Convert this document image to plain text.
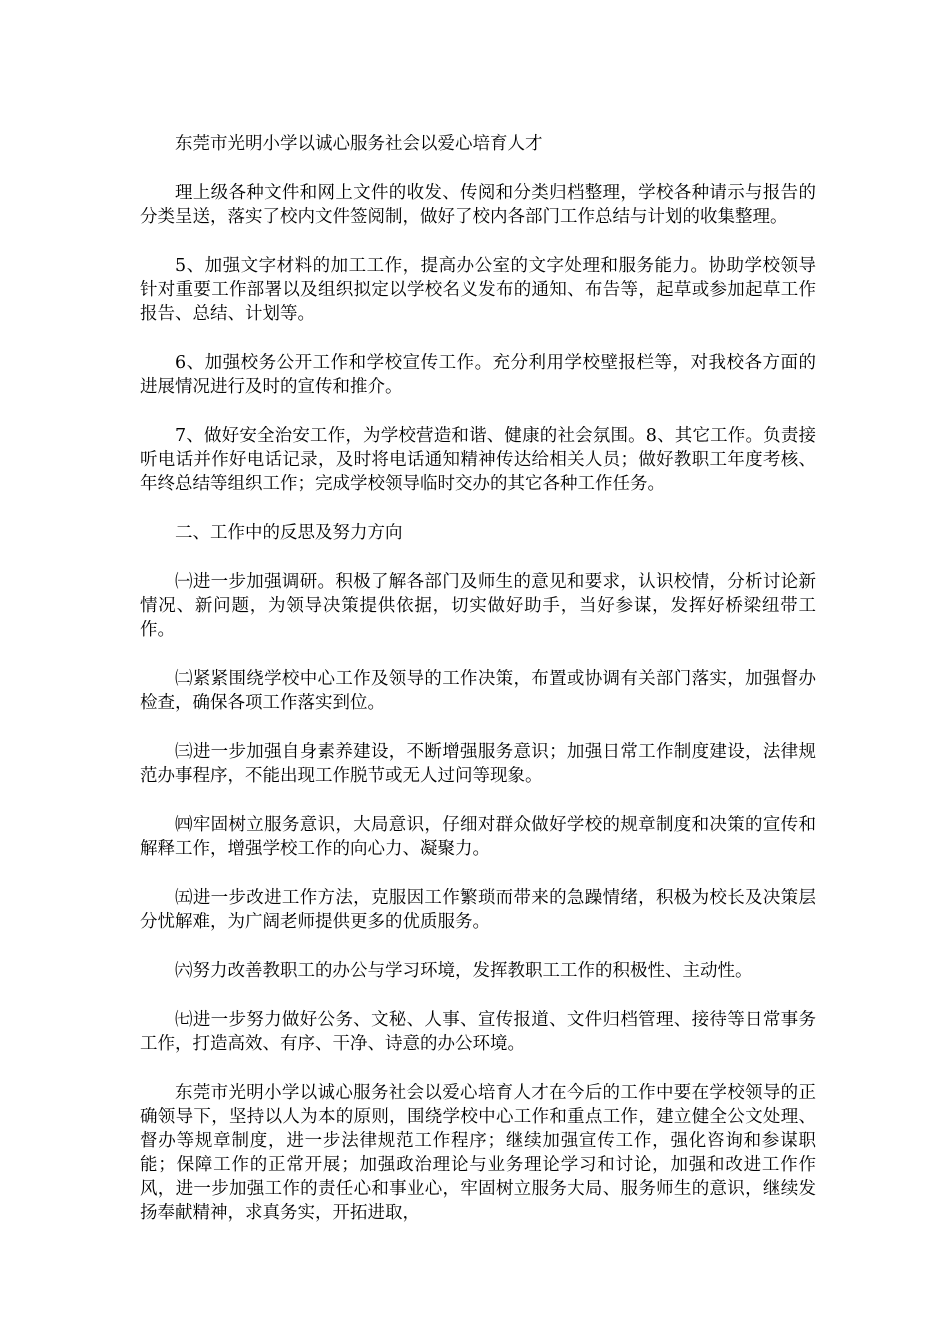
东莞市光明小学以诚心服务社会以爱心培育人才

理上级各种文件和网上文件的收发、传阅和分类归档整理，学校各种请示与报告的分类呈送，落实了校内文件签阅制，做好了校内各部门工作总结与计划的收集整理。

5、加强文字材料的加工工作，提高办公室的文字处理和服务能力。协助学校领导针对重要工作部署以及组织拟定以学校名义发布的通知、布告等，起草或参加起草工作报告、总结、计划等。

6、加强校务公开工作和学校宣传工作。充分利用学校壁报栏等，对我校各方面的进展情况进行及时的宣传和推介。

7、做好安全治安工作，为学校营造和谐、健康的社会氛围。8、其它工作。负责接听电话并作好电话记录，及时将电话通知精神传达给相关人员；做好教职工年度考核、年终总结等组织工作；完成学校领导临时交办的其它各种工作任务。

二、工作中的反思及努力方向

㈠进一步加强调研。积极了解各部门及师生的意见和要求，认识校情，分析讨论新情况、新问题，为领导决策提供依据，切实做好助手，当好参谋，发挥好桥梁纽带工作。

㈡紧紧围绕学校中心工作及领导的工作决策，布置或协调有关部门落实，加强督办检查，确保各项工作落实到位。

㈢进一步加强自身素养建设，不断增强服务意识；加强日常工作制度建设，法律规范办事程序，不能出现工作脱节或无人过问等现象。

㈣牢固树立服务意识，大局意识，仔细对群众做好学校的规章制度和决策的宣传和解释工作，增强学校工作的向心力、凝聚力。

㈤进一步改进工作方法，克服因工作繁琐而带来的急躁情绪，积极为校长及决策层分忧解难，为广阔老师提供更多的优质服务。

㈥努力改善教职工的办公与学习环境，发挥教职工工作的积极性、主动性。

㈦进一步努力做好公务、文秘、人事、宣传报道、文件归档管理、接待等日常事务工作，打造高效、有序、干净、诗意的办公环境。

东莞市光明小学以诚心服务社会以爱心培育人才在今后的工作中要在学校领导的正确领导下，坚持以人为本的原则，围绕学校中心工作和重点工作，建立健全公文处理、督办等规章制度，进一步法律规范工作程序；继续加强宣传工作，强化咨询和参谋职能；保障工作的正常开展；加强政治理论与业务理论学习和讨论，加强和改进工作作风，进一步加强工作的责任心和事业心，牢固树立服务大局、服务师生的意识，继续发扬奉献精神，求真务实，开拓进取，
